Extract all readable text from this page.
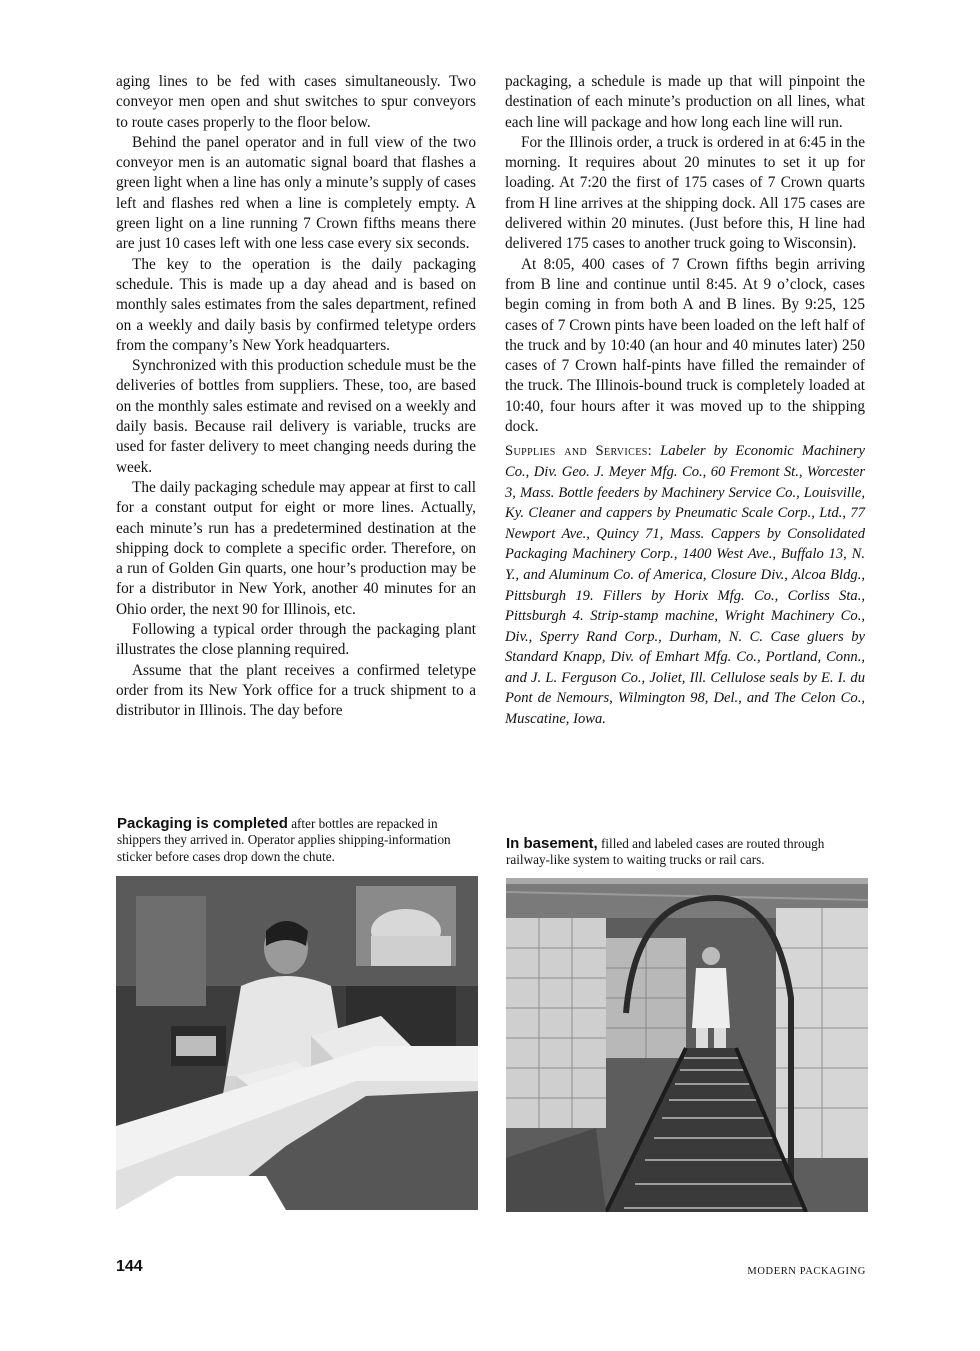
aging lines to be fed with cases simultaneously. Two conveyor men open and shut switches to spur conveyors to route cases properly to the floor below.

Behind the panel operator and in full view of the two conveyor men is an automatic signal board that flashes a green light when a line has only a minute’s supply of cases left and flashes red when a line is completely empty. A green light on a line running 7 Crown fifths means there are just 10 cases left with one less case every six seconds.

The key to the operation is the daily packaging schedule. This is made up a day ahead and is based on monthly sales estimates from the sales department, refined on a weekly and daily basis by confirmed teletype orders from the company’s New York headquarters.

Synchronized with this production schedule must be the deliveries of bottles from suppliers. These, too, are based on the monthly sales estimate and revised on a weekly and daily basis. Because rail delivery is variable, trucks are used for faster delivery to meet changing needs during the week.

The daily packaging schedule may appear at first to call for a constant output for eight or more lines. Actually, each minute’s run has a predetermined destination at the shipping dock to complete a specific order. Therefore, on a run of Golden Gin quarts, one hour’s production may be for a distributor in New York, another 40 minutes for an Ohio order, the next 90 for Illinois, etc.

Following a typical order through the packaging plant illustrates the close planning required.

Assume that the plant receives a confirmed teletype order from its New York office for a truck shipment to a distributor in Illinois. The day before

packaging, a schedule is made up that will pinpoint the destination of each minute’s production on all lines, what each line will package and how long each line will run.

For the Illinois order, a truck is ordered in at 6:45 in the morning. It requires about 20 minutes to set it up for loading. At 7:20 the first of 175 cases of 7 Crown quarts from H line arrives at the shipping dock. All 175 cases are delivered within 20 minutes. (Just before this, H line had delivered 175 cases to another truck going to Wisconsin).

At 8:05, 400 cases of 7 Crown fifths begin arriving from B line and continue until 8:45. At 9 o’clock, cases begin coming in from both A and B lines. By 9:25, 125 cases of 7 Crown pints have been loaded on the left half of the truck and by 10:40 (an hour and 40 minutes later) 250 cases of 7 Crown half-pints have filled the remainder of the truck. The Illinois-bound truck is completely loaded at 10:40, four hours after it was moved up to the shipping dock.

Supplies and Services: Labeler by Economic Machinery Co., Div. Geo. J. Meyer Mfg. Co., 60 Fremont St., Worcester 3, Mass. Bottle feeders by Machinery Service Co., Louisville, Ky. Cleaner and cappers by Pneumatic Scale Corp., Ltd., 77 Newport Ave., Quincy 71, Mass. Cappers by Consolidated Packaging Machinery Corp., 1400 West Ave., Buffalo 13, N. Y., and Aluminum Co. of America, Closure Div., Alcoa Bldg., Pittsburgh 19. Fillers by Horix Mfg. Co., Corliss Sta., Pittsburgh 4. Strip-stamp machine, Wright Machinery Co., Div., Sperry Rand Corp., Durham, N. C. Case gluers by Standard Knapp, Div. of Emhart Mfg. Co., Portland, Conn., and J. L. Ferguson Co., Joliet, Ill. Cellulose seals by E. I. du Pont de Nemours, Wilmington 98, Del., and The Celon Co., Muscatine, Iowa.

Packaging is completed after bottles are repacked in shippers they arrived in. Operator applies shipping-information sticker before cases drop down the chute.
In basement, filled and labeled cases are routed through railway-like system to waiting trucks or rail cars.
144	MODERN PACKAGING
